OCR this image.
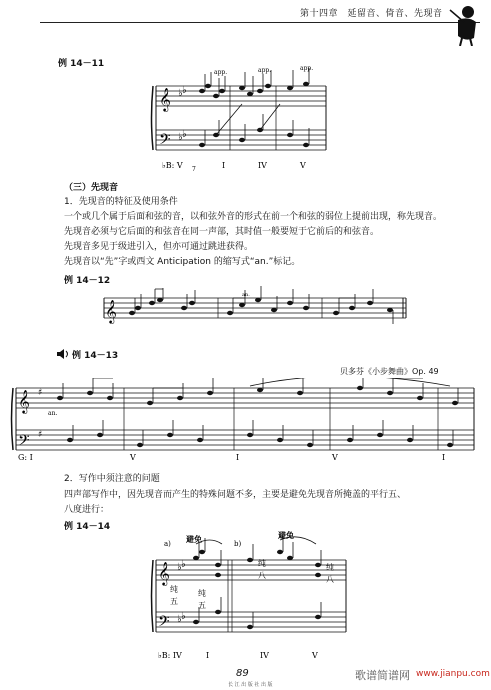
第十四章　延留音、倚音、先现音
例 14－11
𝄞
𝄢
♭ ♭
♭ ♭
app.	app.	app.
♭B: V 7	I	IV	V
（三）先现音
1．先现音的特征及使用条件
一个或几个属于后面和弦的音，以和弦外音的形式在前一个和弦的弱位上提前出现，称先现音。
先现音必须与它后面的和弦音在同一声部，其时值一般要短于它前后的和弦音。
先现音多见于级进引入，但亦可通过跳进获得。
先现音以“先”字或西文 Anticipation 的缩写式“an.”标记。
例 14－12
𝄞
an.
例 14－13
贝多芬《小步舞曲》Op. 49
𝄞
𝄢
♯
♯
an.
G: I	V	I	V	I
2．写作中须注意的问题
四声部写作中，因先现音而产生的特殊问题不多，主要是避免先现音所掩盖的平行五、
八度进行：
例 14－14
𝄞
𝄢
♭ ♭
♭ ♭
a)	b)
避免	避免
纯
五
纯
五
纯
八
纯
八
♭B: IV	I	IV	V
89
长 江 出 版 社 出 版
歌谱简谱网 www.jianpu.com
